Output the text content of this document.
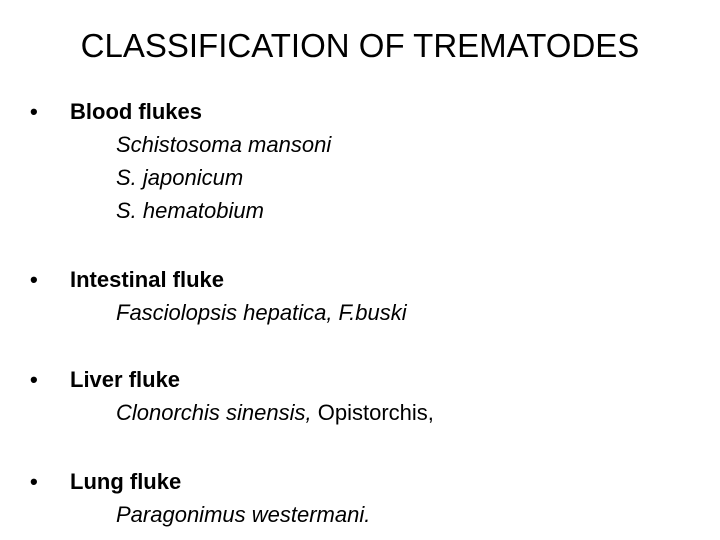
CLASSIFICATION OF TREMATODES
• Blood flukes
Schistosoma mansoni
S. japonicum
S. hematobium
• Intestinal fluke
Fasciolopsis hepatica, F.buski
• Liver fluke
Clonorchis sinensis, Opistorchis,
• Lung fluke
Paragonimus westermani.
